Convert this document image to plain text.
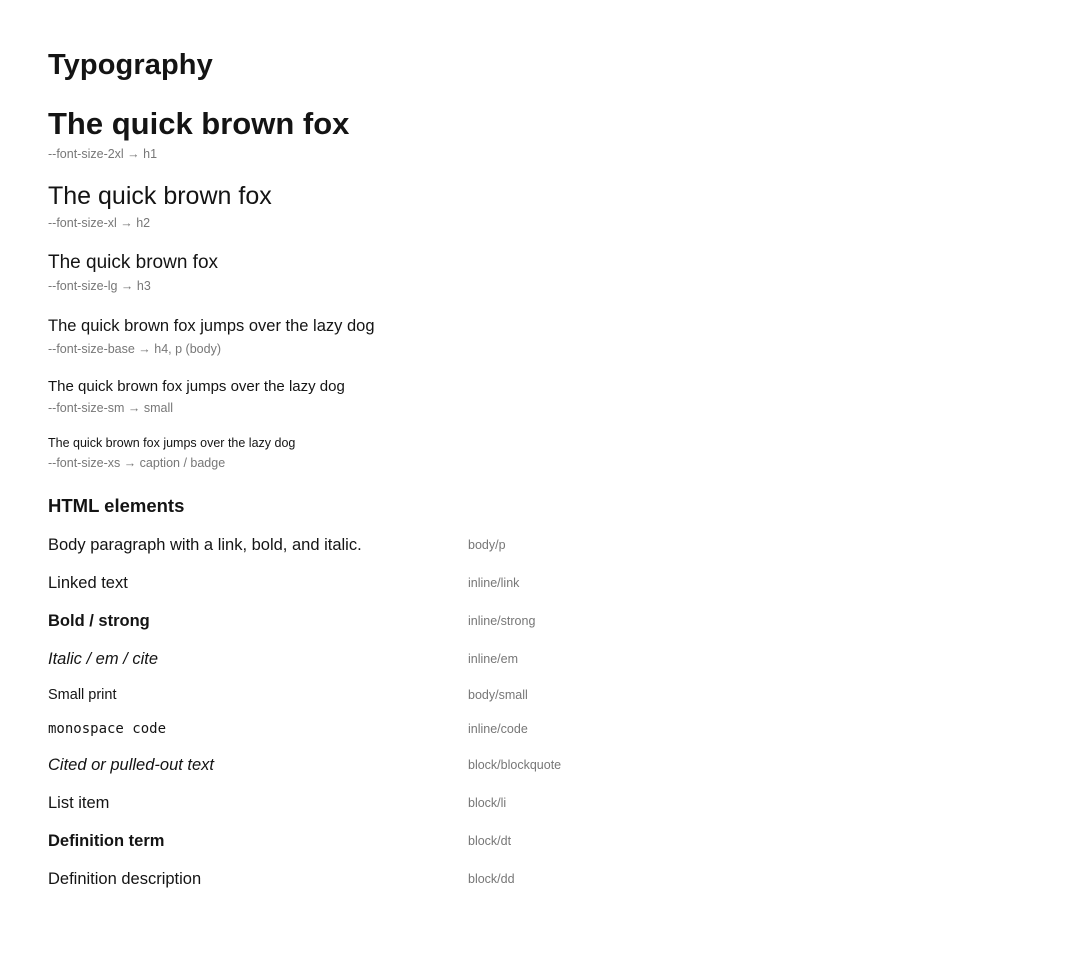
Typography
The quick brown fox
--font-size-2xl → h1
The quick brown fox
--font-size-xl → h2
The quick brown fox
--font-size-lg → h3
The quick brown fox jumps over the lazy dog
--font-size-base → h4, p (body)
The quick brown fox jumps over the lazy dog
--font-size-sm → small
The quick brown fox jumps over the lazy dog
--font-size-xs → caption / badge
HTML elements
Body paragraph with a link, bold, and italic.	body/p
Linked text	inline/link
Bold / strong	inline/strong
Italic / em / cite	inline/em
Small print	body/small
monospace code	inline/code
Cited or pulled-out text	block/blockquote
List item	block/li
Definition term	block/dt
Definition description	block/dd
